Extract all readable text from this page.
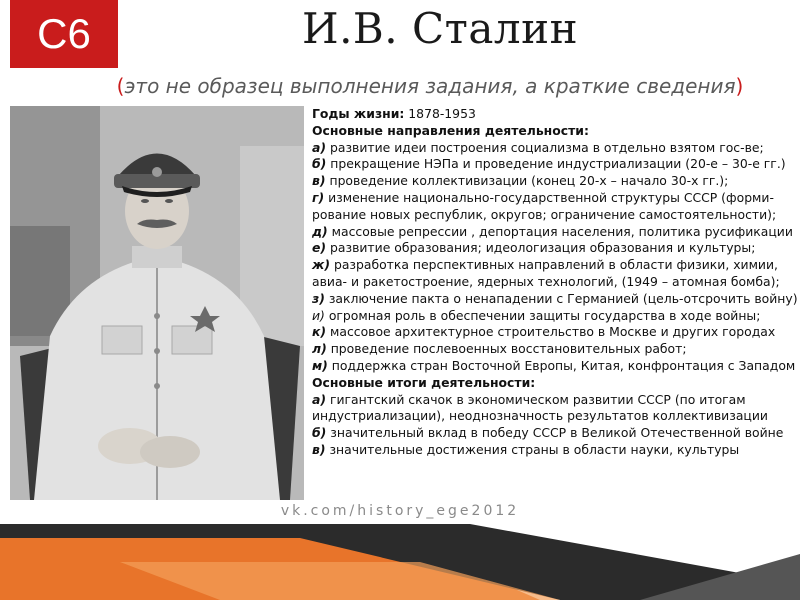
С6	И.В. Сталин
(это не образец выполнения задания, а краткие сведения)
Годы жизни: 1878-1953
Основные направления деятельности:
а) развитие идеи построения социализма в отдельно взятом гос-ве;
б) прекращение НЭПа и проведение индустриализации (20-е – 30-е гг.)
в) проведение коллективизации (конец 20-х – начало 30-х гг.);
г) изменение национально-государственной структуры СССР (форми-
рование новых республик, округов; ограничение самостоятельности);
д) массовые репрессии , депортация населения, политика русификации
е) развитие образования; идеологизация образования и культуры;
ж) разработка перспективных направлений в области физики, химии,
авиа- и ракетостроение, ядерных технологий, (1949 – атомная бомба);
з) заключение пакта о ненападении с Германией (цель-отсрочить войну)
и) огромная роль в обеспечении защиты государства в ходе войны;
к) массовое архитектурное строительство в Москве и других городах
л) проведение послевоенных восстановительных работ;
м) поддержка стран Восточной Европы, Китая, конфронтация с Западом
Основные итоги деятельности:
а) гигантский скачок в экономическом развитии СССР (по итогам
индустриализации), неоднозначность результатов коллективизации
б) значительный вклад в победу СССР в Великой Отечественной войне
в) значительные достижения страны в области науки, культуры
vk.com/history_ege2012
